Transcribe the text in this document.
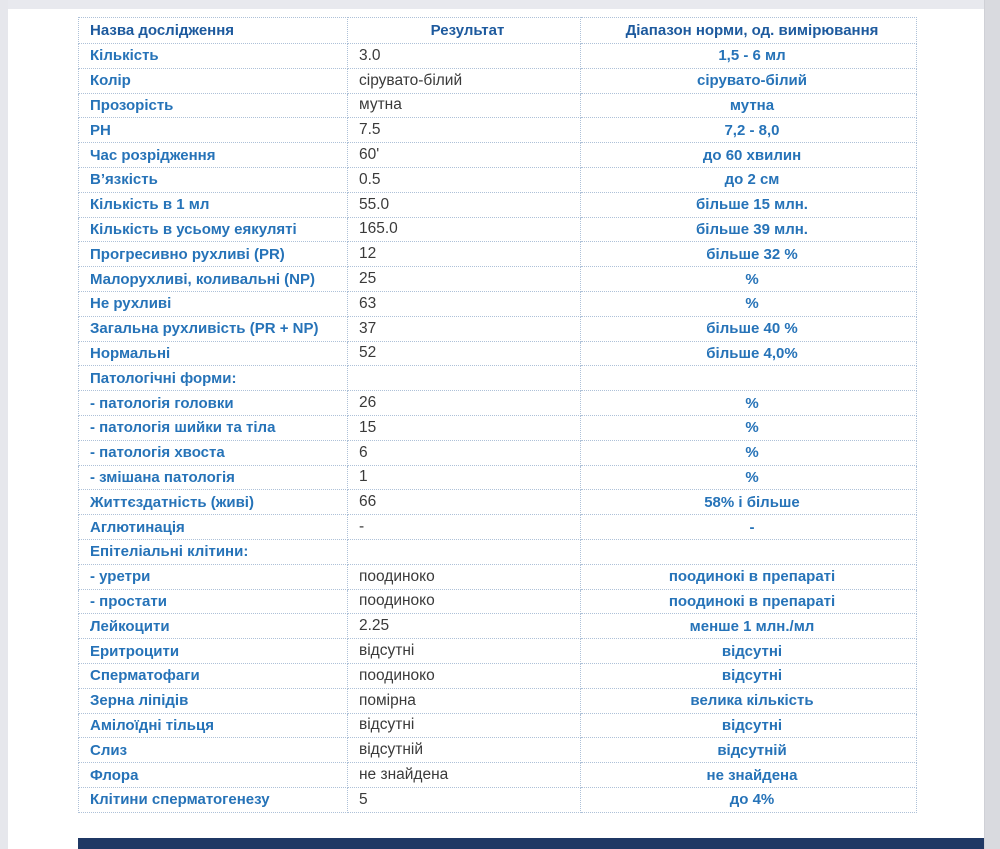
Назва дослідження	Результат	Діапазон норми, од. вимірювання
Кількість	3.0	1,5 - 6 мл
Колір	сірувато-білий	сірувато-білий
Прозорість	мутна	мутна
PH	7.5	7,2 - 8,0
Час розрідження	60'	до 60 хвилин
В’язкість	0.5	до 2 см
Кількість в 1 мл	55.0	більше 15 млн.
Кількість в усьому еякуляті	165.0	більше 39 млн.
Прогресивно рухливі (PR)	12	більше 32 %
Малорухливі, коливальні (NP)	25	%
Не рухливі	63	%
Загальна рухливість (PR + NP)	37	більше 40 %
Нормальні	52	більше 4,0%
Патологічні форми:		
- патологія головки	26	%
- патологія шийки та тіла	15	%
- патологія хвоста	6	%
- змішана патологія	1	%
Життєздатність (живі)	66	58% і більше
Аглютинація	-	-
Епітеліальні клітини:		
- уретри	поодиноко	поодинокі в препараті
- простати	поодиноко	поодинокі в препараті
Лейкоцити	2.25	менше 1 млн./мл
Еритроцити	відсутні	відсутні
Сперматофаги	поодиноко	відсутні
Зерна ліпідів	помірна	велика кількість
Амілоїдні тільця	відсутні	відсутні
Слиз	відсутній	відсутній
Флора	не знайдена	не знайдена
Клітини сперматогенезу	5	до 4%
